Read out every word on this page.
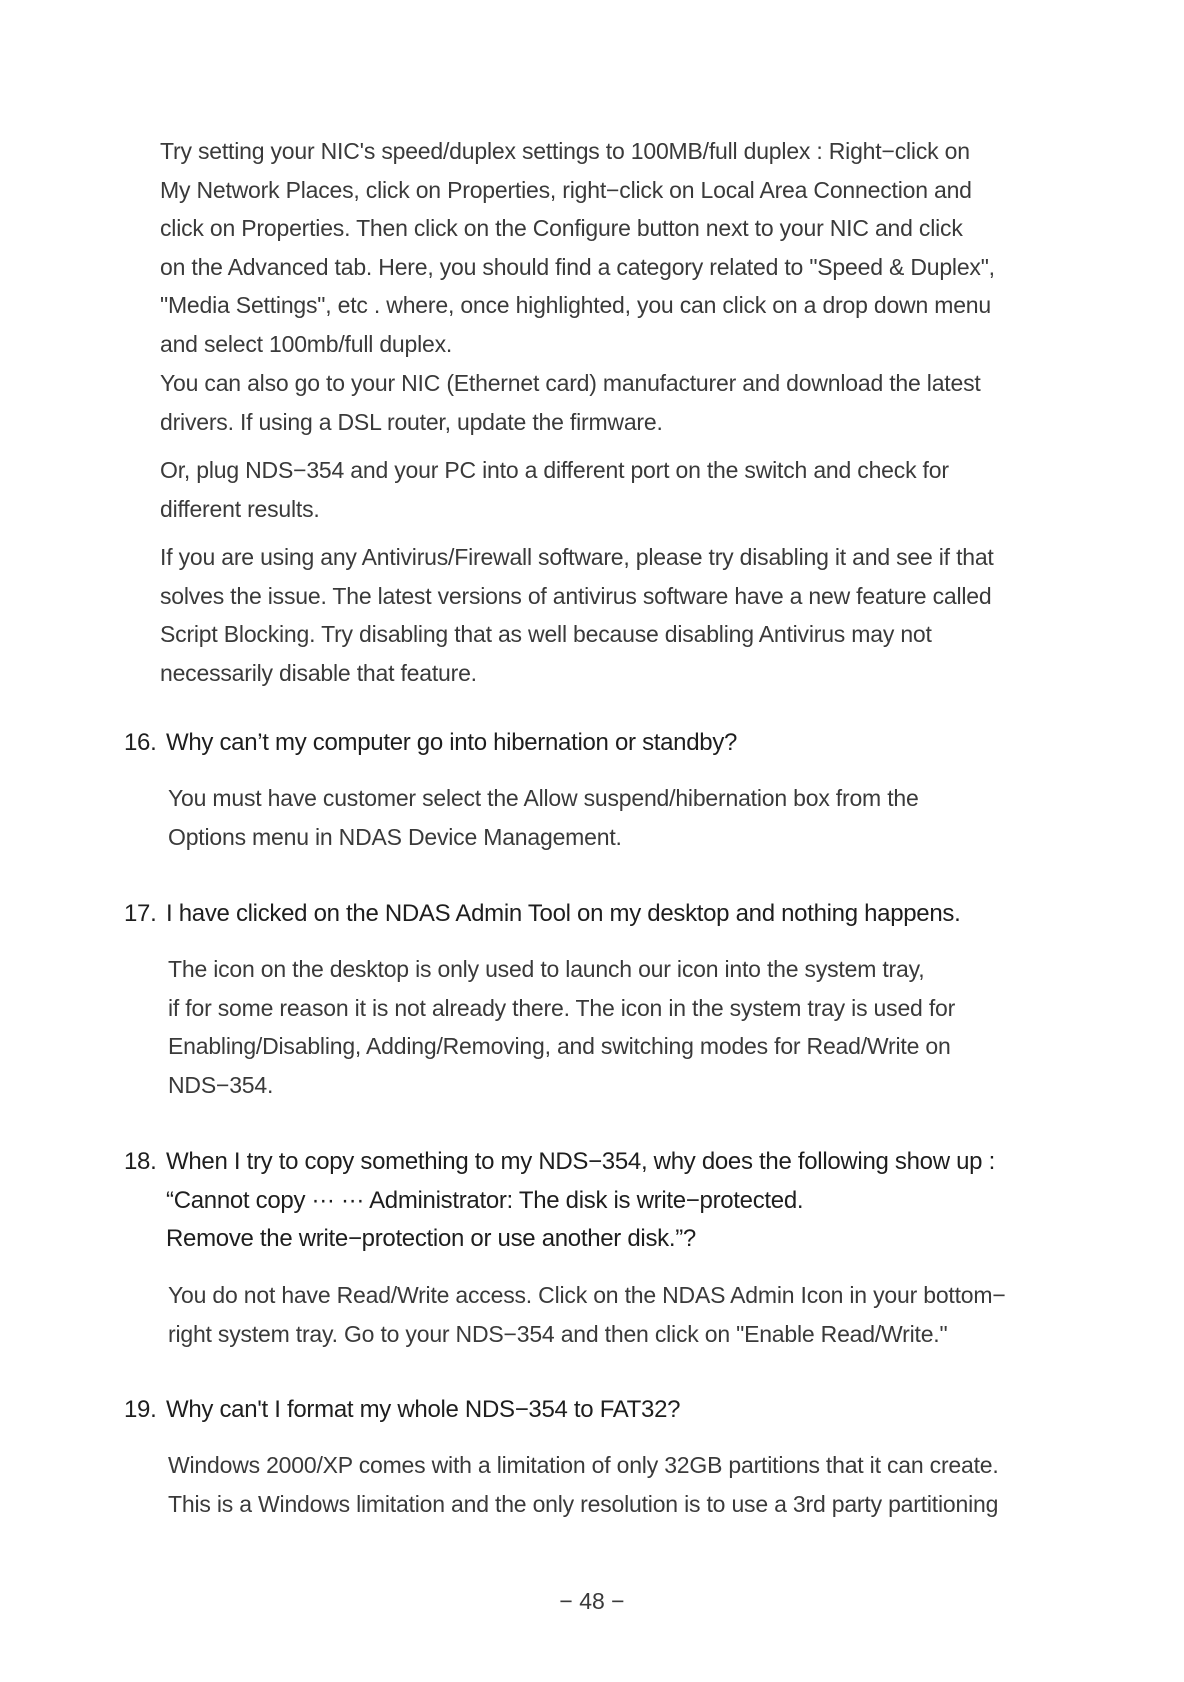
Try setting your NIC's speed/duplex settings to 100MB/full duplex : Right−click on
My Network Places, click on Properties, right−click on Local Area Connection and
click on Properties. Then click on the Configure button next to your NIC and click
on the Advanced tab. Here, you should find a category related to "Speed & Duplex",
"Media Settings", etc . where, once highlighted, you can click on a drop down menu
and select 100mb/full duplex.
You can also go to your NIC (Ethernet card) manufacturer and download the latest
drivers. If using a DSL router, update the firmware.
Or, plug NDS−354 and your PC into a different port on the switch and check for
different results.
If you are using any Antivirus/Firewall software, please try disabling it and see if that
solves the issue. The latest versions of antivirus software have a new feature called
Script Blocking. Try disabling that as well because disabling Antivirus may not
necessarily disable that feature.
16. Why can’t my computer go into hibernation or standby?
You must have customer select the Allow suspend/hibernation box from the
Options menu in NDAS Device Management.
17. I have clicked on the NDAS Admin Tool on my desktop and nothing happens.
The icon on the desktop is only used to launch our icon into the system tray,
if for some reason it is not already there. The icon in the system tray is used for
Enabling/Disabling, Adding/Removing, and switching modes for Read/Write on
NDS−354.
18. When I try to copy something to my NDS−354, why does the following show up :
“Cannot copy ··· ··· Administrator: The disk is write−protected.
Remove the write−protection or use another disk.”?
You do not have Read/Write access. Click on the NDAS Admin Icon in your bottom−
right system tray. Go to your NDS−354 and then click on "Enable Read/Write."
19. Why can't I format my whole NDS−354 to FAT32?
Windows 2000/XP comes with a limitation of only 32GB partitions that it can create.
This is a Windows limitation and the only resolution is to use a 3rd party partitioning
− 48 −
